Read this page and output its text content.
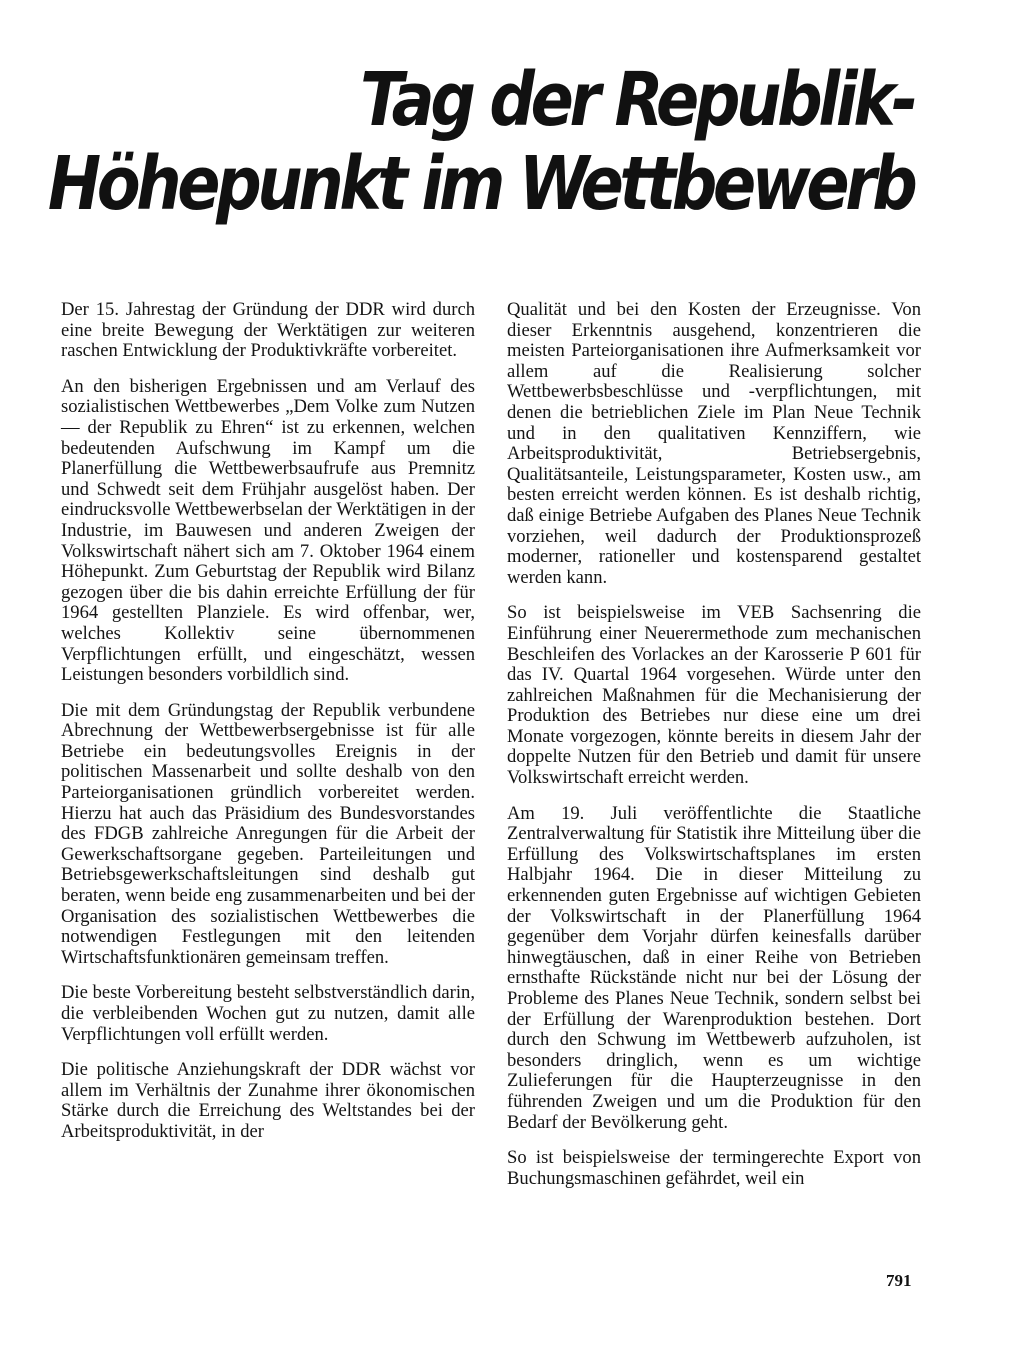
Tag der Republik-
Höhepunkt im Wettbewerb

Der 15. Jahrestag der Gründung der DDR wird durch eine breite Bewegung der Werktätigen zur weiteren raschen Entwicklung der Produktivkräfte vorbereitet.

An den bisherigen Ergebnissen und am Verlauf des sozialistischen Wettbewerbes „Dem Volke zum Nutzen — der Republik zu Ehren“ ist zu erkennen, welchen bedeutenden Aufschwung im Kampf um die Planerfüllung die Wettbewerbsaufrufe aus Premnitz und Schwedt seit dem Frühjahr ausgelöst haben. Der eindrucksvolle Wettbewerbselan der Werktätigen in der Industrie, im Bauwesen und anderen Zweigen der Volkswirtschaft nähert sich am 7. Oktober 1964 einem Höhepunkt. Zum Geburtstag der Republik wird Bilanz gezogen über die bis dahin erreichte Erfüllung der für 1964 gestellten Planziele. Es wird offenbar, wer, welches Kollektiv seine übernommenen Verpflichtungen erfüllt, und eingeschätzt, wessen Leistungen besonders vorbildlich sind.

Die mit dem Gründungstag der Republik verbundene Abrechnung der Wettbewerbsergebnisse ist für alle Betriebe ein bedeutungsvolles Ereignis in der politischen Massenarbeit und sollte deshalb von den Parteiorganisationen gründlich vorbereitet werden. Hierzu hat auch das Präsidium des Bundesvorstandes des FDGB zahlreiche Anregungen für die Arbeit der Gewerkschaftsorgane gegeben. Parteileitungen und Betriebsgewerkschaftsleitungen sind deshalb gut beraten, wenn beide eng zusammenarbeiten und bei der Organisation des sozialistischen Wettbewerbes die notwendigen Festlegungen mit den leitenden Wirtschaftsfunktionären gemeinsam treffen.

Die beste Vorbereitung besteht selbstverständlich darin, die verbleibenden Wochen gut zu nutzen, damit alle Verpflichtungen voll erfüllt werden.

Die politische Anziehungskraft der DDR wächst vor allem im Verhältnis der Zunahme ihrer ökonomischen Stärke durch die Erreichung des Weltstandes bei der Arbeitsproduktivität, in der

Qualität und bei den Kosten der Erzeugnisse. Von dieser Erkenntnis ausgehend, konzentrieren die meisten Parteiorganisationen ihre Aufmerksamkeit vor allem auf die Realisierung solcher Wettbewerbsbeschlüsse und -verpflichtungen, mit denen die betrieblichen Ziele im Plan Neue Technik und in den qualitativen Kennziffern, wie Arbeitsproduktivität, Betriebsergebnis, Qualitätsanteile, Leistungsparameter, Kosten usw., am besten erreicht werden können. Es ist deshalb richtig, daß einige Betriebe Aufgaben des Planes Neue Technik vorziehen, weil dadurch der Produktionsprozeß moderner, rationeller und kostensparend gestaltet werden kann.

So ist beispielsweise im VEB Sachsenring die Einführung einer Neuerermethode zum mechanischen Beschleifen des Vorlackes an der Karosserie P 601 für das IV. Quartal 1964 vorgesehen. Würde unter den zahlreichen Maßnahmen für die Mechanisierung der Produktion des Betriebes nur diese eine um drei Monate vorgezogen, könnte bereits in diesem Jahr der doppelte Nutzen für den Betrieb und damit für unsere Volkswirtschaft erreicht werden.

Am 19. Juli veröffentlichte die Staatliche Zentralverwaltung für Statistik ihre Mitteilung über die Erfüllung des Volkswirtschaftsplanes im ersten Halbjahr 1964. Die in dieser Mitteilung zu erkennenden guten Ergebnisse auf wichtigen Gebieten der Volkswirtschaft in der Planerfüllung 1964 gegenüber dem Vorjahr dürfen keinesfalls darüber hinwegtäuschen, daß in einer Reihe von Betrieben ernsthafte Rückstände nicht nur bei der Lösung der Probleme des Planes Neue Technik, sondern selbst bei der Erfüllung der Warenproduktion bestehen. Dort durch den Schwung im Wettbewerb aufzuholen, ist besonders dringlich, wenn es um wichtige Zulieferungen für die Haupterzeugnisse in den führenden Zweigen und um die Produktion für den Bedarf der Bevölkerung geht.

So ist beispielsweise der termingerechte Export von Buchungsmaschinen gefährdet, weil ein

791
